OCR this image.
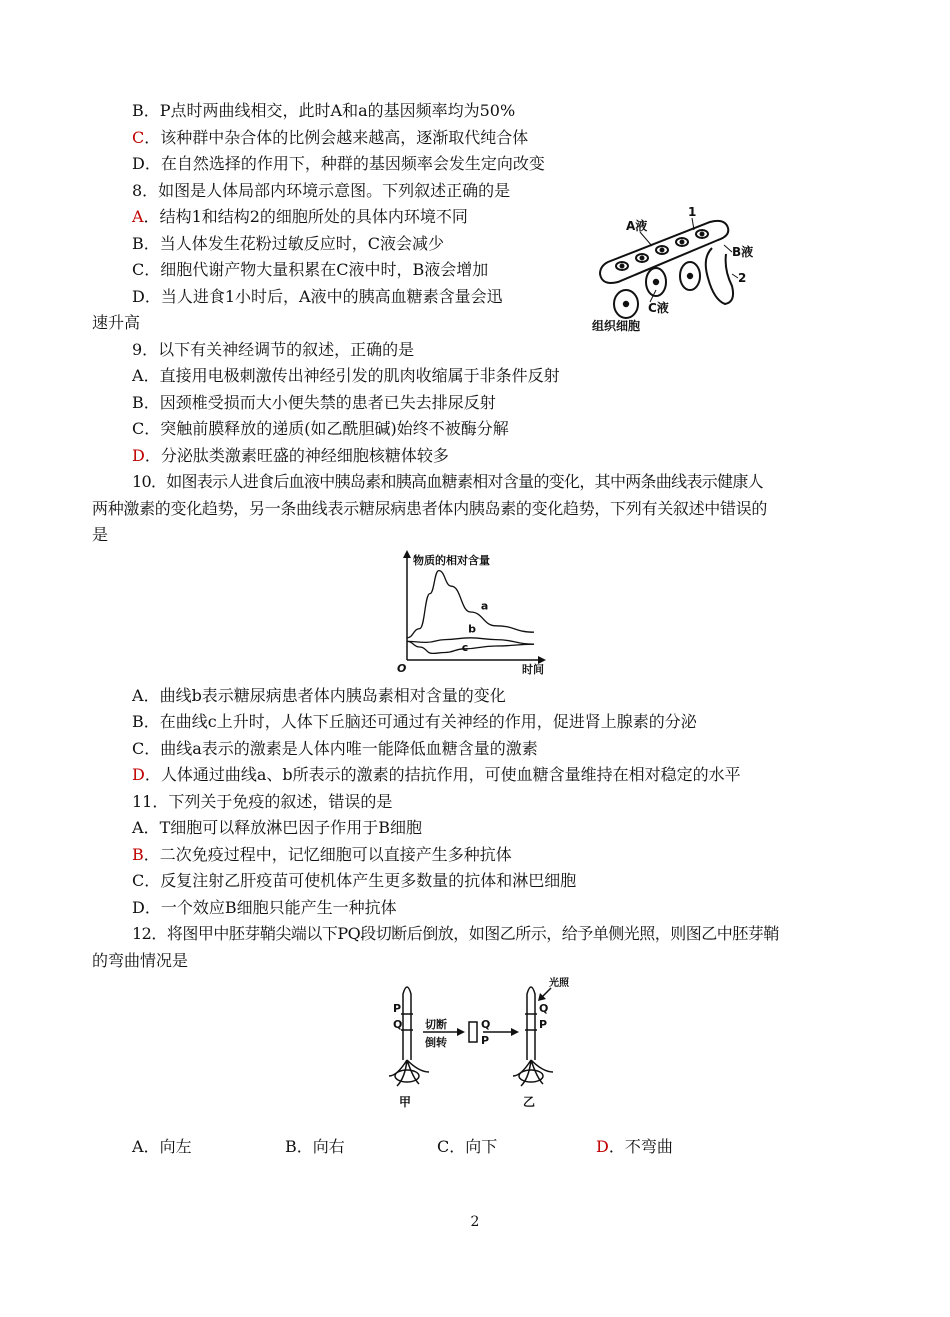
B．P点时两曲线相交，此时A和a的基因频率均为50%
C．该种群中杂合体的比例会越来越高，逐渐取代纯合体
D．在自然选择的作用下，种群的基因频率会发生定向改变
8．如图是人体局部内环境示意图。下列叙述正确的是
A．结构1和结构2的细胞所处的具体内环境不同
B．当人体发生花粉过敏反应时，C液会减少
C．细胞代谢产物大量积累在C液中时，B液会增加
D．当人进食1小时后，A液中的胰高血糖素含量会迅
速升高
A液
1
B液
2
C液
组织细胞
9．以下有关神经调节的叙述，正确的是
A．直接用电极刺激传出神经引发的肌肉收缩属于非条件反射
B．因颈椎受损而大小便失禁的患者已失去排尿反射
C．突触前膜释放的递质(如乙酰胆碱)始终不被酶分解
D．分泌肽类激素旺盛的神经细胞核糖体较多
10．如图表示人进食后血液中胰岛素和胰高血糖素相对含量的变化，其中两条曲线表示健康人
两种激素的变化趋势，另一条曲线表示糖尿病患者体内胰岛素的变化趋势，下列有关叙述中错误的
是
a
b
c
物质的相对含量
时间
O
A．曲线b表示糖尿病患者体内胰岛素相对含量的变化
B．在曲线c上升时，人体下丘脑还可通过有关神经的作用，促进肾上腺素的分泌
C．曲线a表示的激素是人体内唯一能降低血糖含量的激素
D．人体通过曲线a、b所表示的激素的拮抗作用，可使血糖含量维持在相对稳定的水平
11．下列关于免疫的叙述，错误的是
A．T细胞可以释放淋巴因子作用于B细胞
B．二次免疫过程中，记忆细胞可以直接产生多种抗体
C．反复注射乙肝疫苗可使机体产生更多数量的抗体和淋巴细胞
D．一个效应B细胞只能产生一种抗体
12．将图甲中胚芽鞘尖端以下PQ段切断后倒放，如图乙所示，给予单侧光照，则图乙中胚芽鞘
的弯曲情况是
P
Q 切断
倒转
Q
P
Q
P
光照
甲	乙
A．向左	B．向右	C．向下	D．不弯曲
2
